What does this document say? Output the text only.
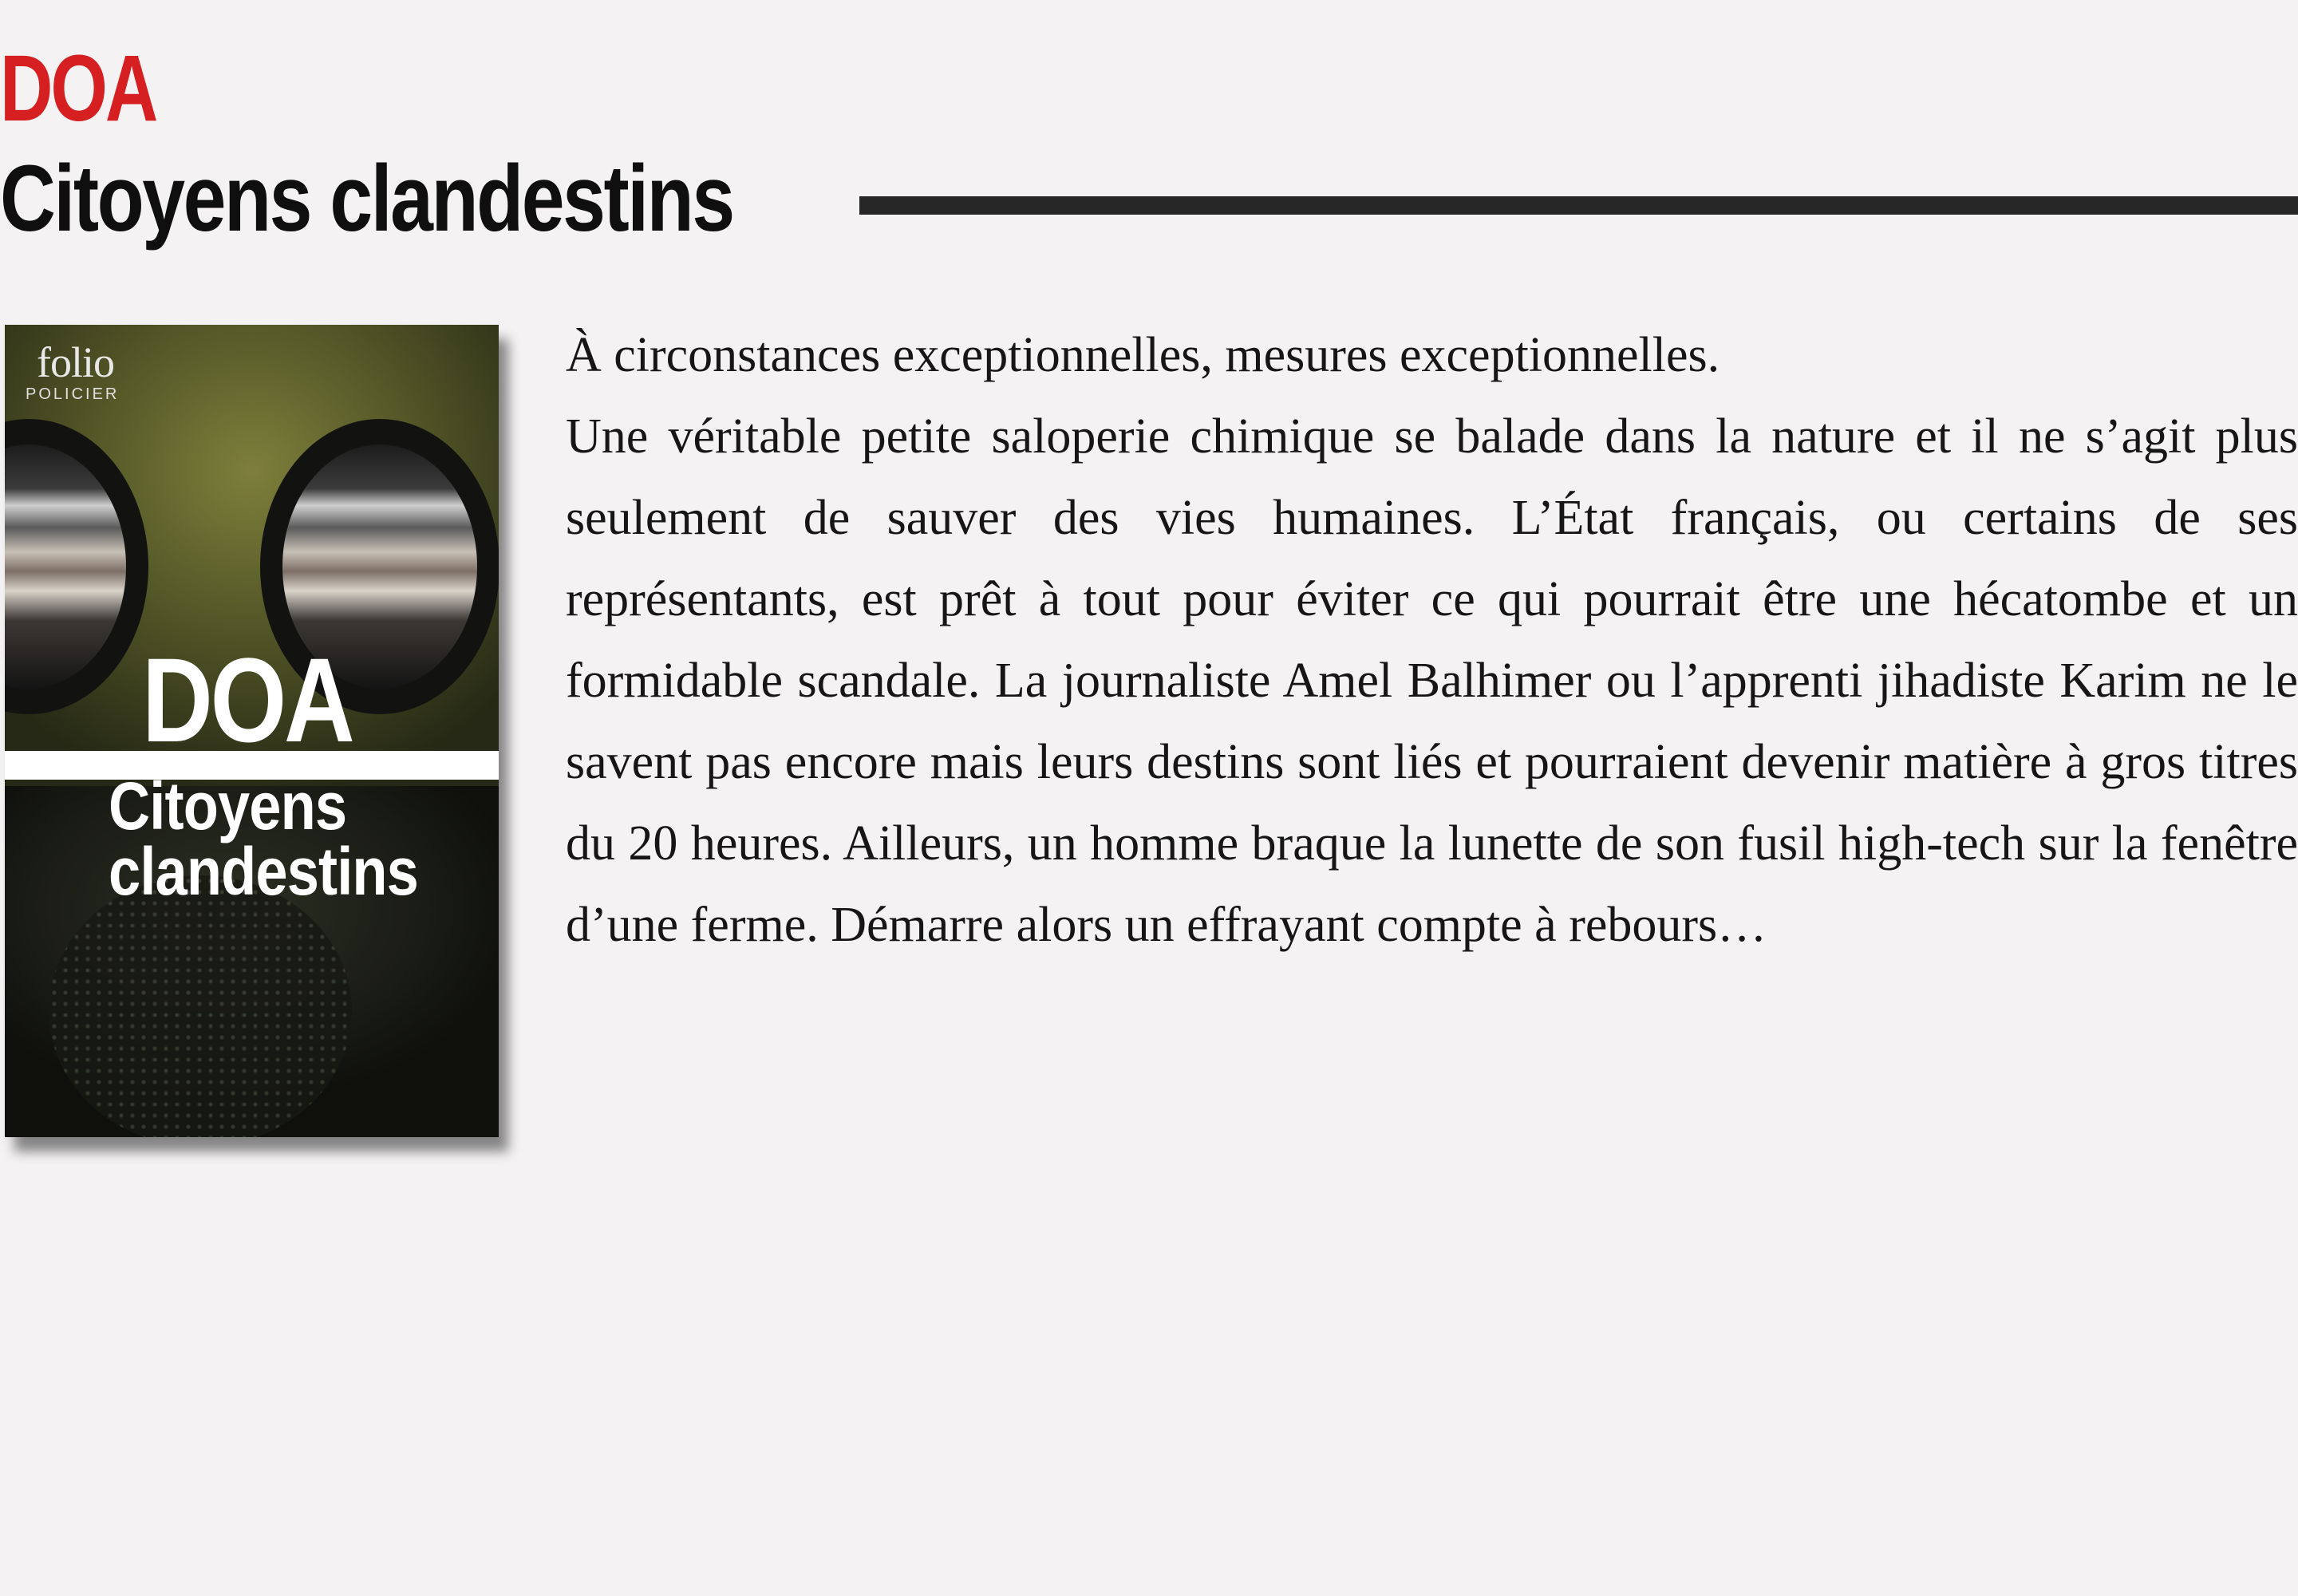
DOA
Citoyens clandestins
folio
POLICIER
DOA
Citoyens
clandestins

À circonstances exceptionnelles, mesures exceptionnelles.

Une véritable petite saloperie chimique se balade dans la nature et il ne s’agit plus seulement de sauver des vies humaines. L’État français, ou certains de ses représentants, est prêt à tout pour éviter ce qui pourrait être une hécatombe et un formidable scandale. La journaliste Amel Balhimer ou l’apprenti jihadiste Karim ne le savent pas encore mais leurs destins sont liés et pourraient devenir matière à gros titres du 20 heures. Ailleurs, un homme braque la lunette de son fusil high-tech sur la fenêtre d’une ferme. Démarre alors un effrayant compte à rebours…
